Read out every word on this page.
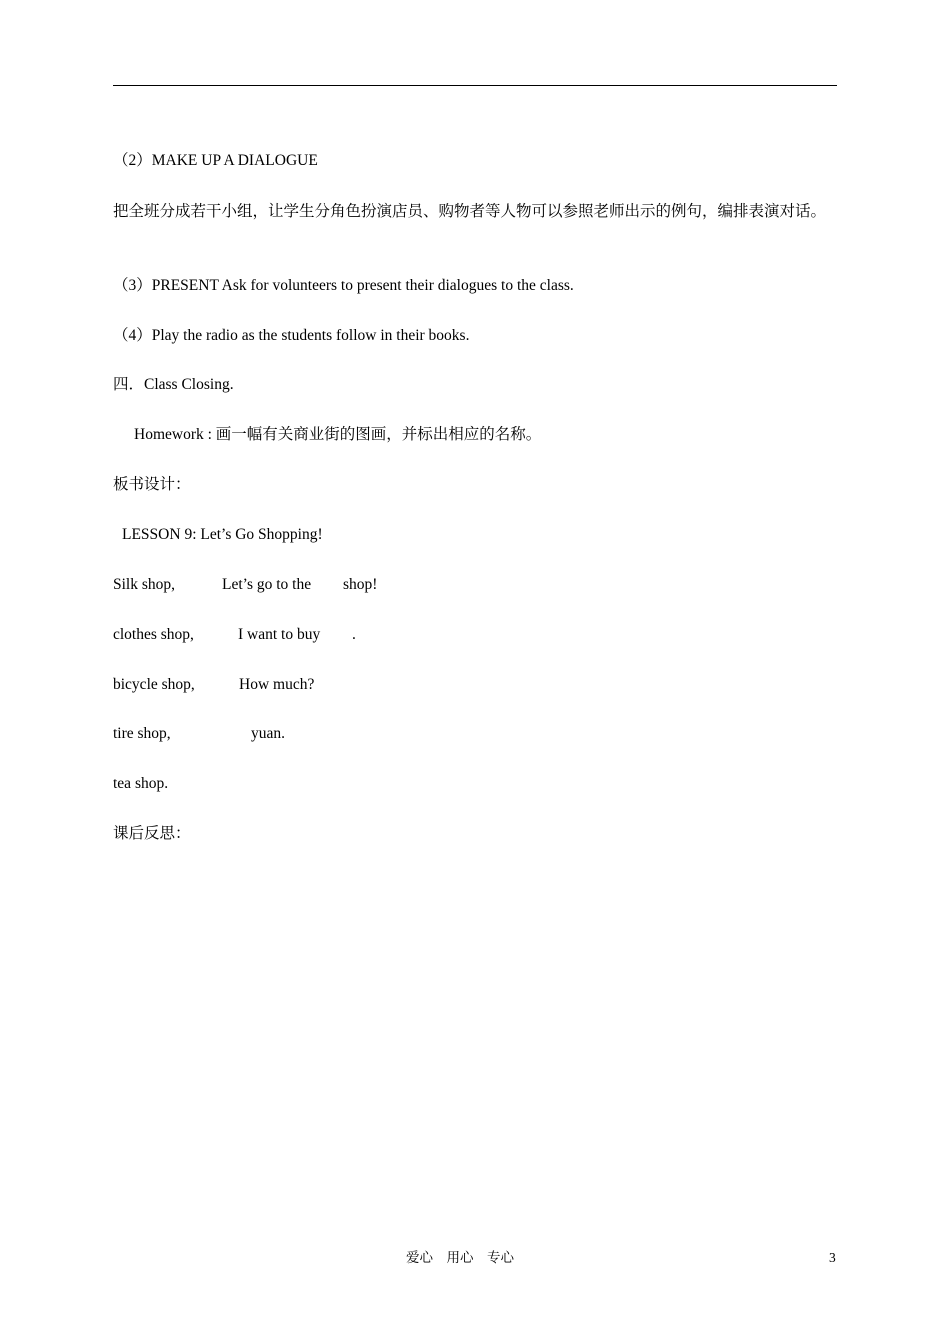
（2）MAKE UP A DIALOGUE
把全班分成若干小组，让学生分角色扮演店员、购物者等人物可以参照老师出示的例句，编排表演对话。
（3）PRESENT Ask for volunteers to present their dialogues to the class.
（4）Play the radio as the students follow in their books.
四．Class Closing.
Homework : 画一幅有关商业街的图画，并标出相应的名称。
板书设计：
LESSON 9: Let’s Go Shopping!
Silk shop,	Let’s go to the shop!
clothes shop,	I want to buy .
bicycle shop,	How much?
tire shop,	yuan.
tea shop.
课后反思：
爱心　用心　专心	3
